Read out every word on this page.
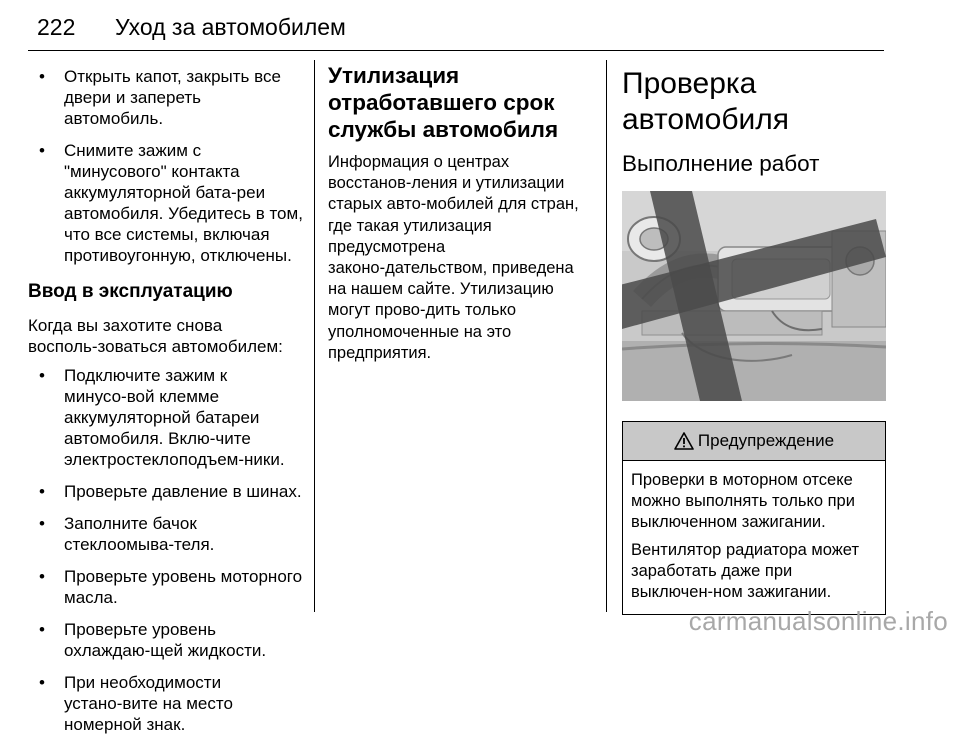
222 Уход за автомобилем
• Открыть капот, закрыть все двери и запереть автомобиль.
• Снимите зажим с "минусового" контакта аккумуляторной бата‑реи автомобиля. Убедитесь в том, что все системы, включая противоугонную, отключены.
Ввод в эксплуатацию
Когда вы захотите снова восполь‑зоваться автомобилем:
• Подключите зажим к минусо‑вой клемме аккумуляторной батареи автомобиля. Вклю‑чите электростеклоподъем‑ники.
• Проверьте давление в шинах.
• Заполните бачок стеклоомыва‑теля.
• Проверьте уровень моторного масла.
• Проверьте уровень охлаждаю‑щей жидкости.
• При необходимости устано‑вите на место номерной знак.
Утилизация отработавшего срок службы автомобиля
Информация о центрах восстанов‑ления и утилизации старых авто‑мобилей для стран, где такая утилизация предусмотрена законо‑дательством, приведена на нашем сайте. Утилизацию могут прово‑дить только уполномоченные на это предприятия.
Проверка автомобиля
Выполнение работ
Предупреждение

Проверки в моторном отсеке можно выполнять только при выключенном зажигании.

Вентилятор радиатора может заработать даже при выключен‑ном зажигании.

carmanualsonline.info
